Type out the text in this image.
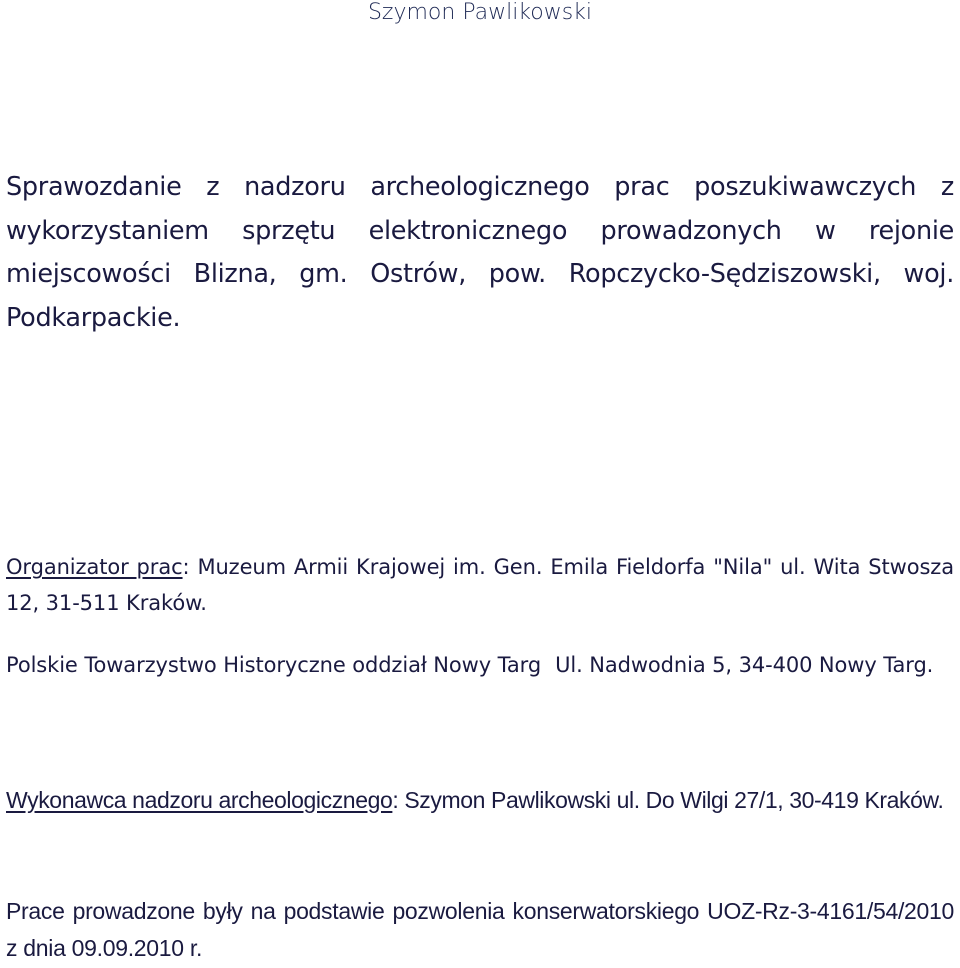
Szymon Pawlikowski
Sprawozdanie z nadzoru archeologicznego prac poszukiwawczych z wykorzystaniem sprzętu elektronicznego prowadzonych w rejonie miejscowości Blizna, gm. Ostrów, pow. Ropczycko-Sędziszowski, woj. Podkarpackie.
Organizator prac: Muzeum Armii Krajowej im. Gen. Emila Fieldorfa "Nila" ul. Wita Stwosza 12, 31-511 Kraków.
Polskie Towarzystwo Historyczne oddział Nowy Targ Ul. Nadwodnia 5, 34-400 Nowy Targ.
Wykonawca nadzoru archeologicznego: Szymon Pawlikowski ul. Do Wilgi 27/1, 30-419 Kraków.
Prace prowadzone były na podstawie pozwolenia konserwatorskiego UOZ-Rz-3-4161/54/2010 z dnia 09.09.2010 r.
